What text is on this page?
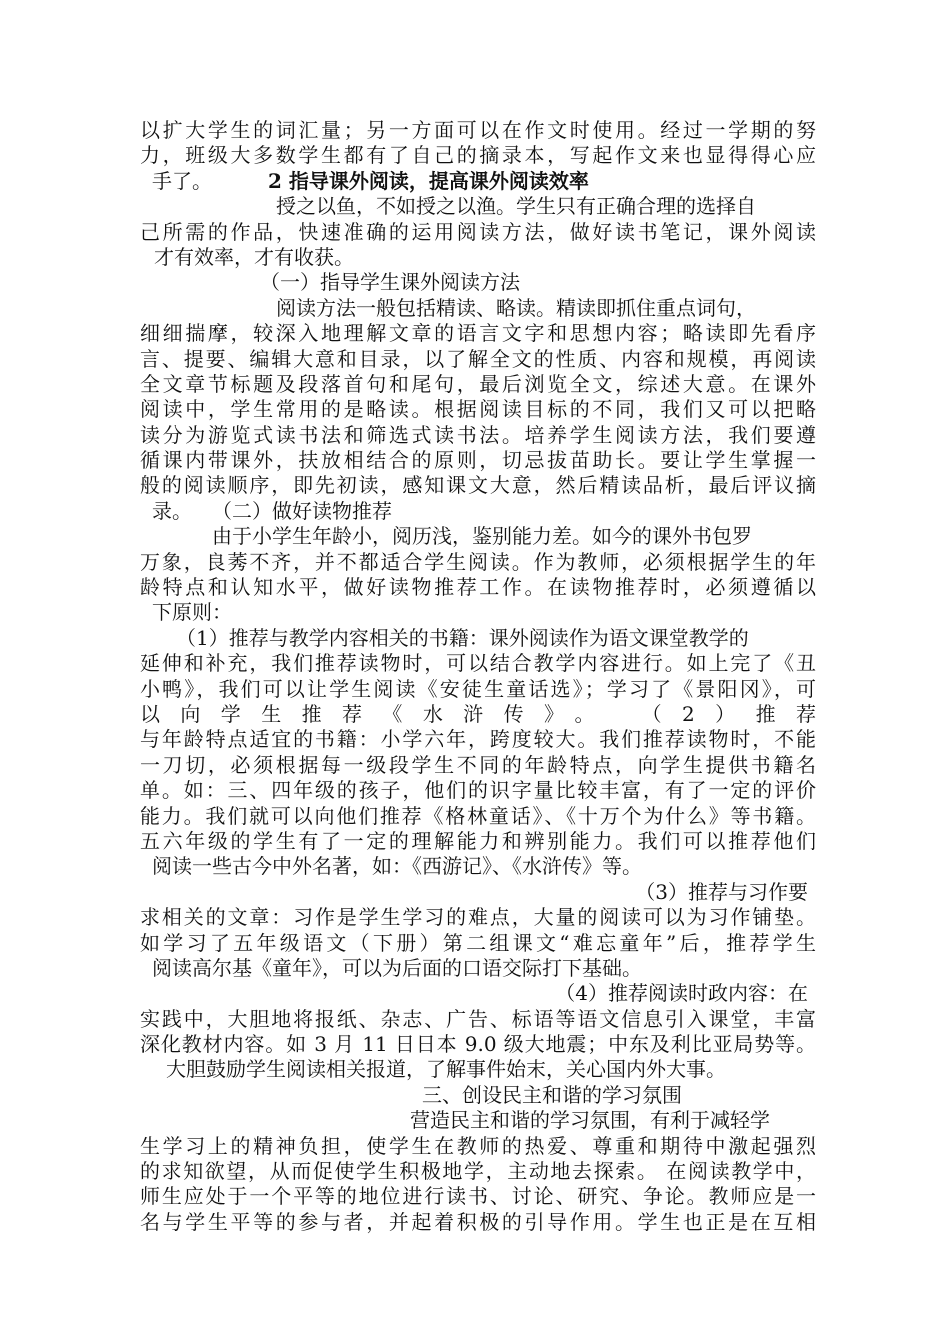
以扩大学生的词汇量；另一方面可以在作文时使用。经过一学期的努
力，班级大多数学生都有了自己的摘录本，写起作文来也显得得心应
手了。	2 指导课外阅读，提高课外阅读效率
授之以鱼，不如授之以渔。学生只有正确合理的选择自
己所需的作品，快速准确的运用阅读方法，做好读书笔记，课外阅读
才有效率，才有收获。
（一）指导学生课外阅读方法
阅读方法一般包括精读、略读。精读即抓住重点词句，
细细揣摩，较深入地理解文章的语言文字和思想内容；略读即先看序
言、提要、编辑大意和目录，以了解全文的性质、内容和规模，再阅读
全文章节标题及段落首句和尾句，最后浏览全文，综述大意。在课外
阅读中，学生常用的是略读。根据阅读目标的不同，我们又可以把略
读分为游览式读书法和筛选式读书法。培养学生阅读方法，我们要遵
循课内带课外，扶放相结合的原则，切忌拔苗助长。要让学生掌握一
般的阅读顺序，即先初读，感知课文大意，然后精读品析，最后评议摘
录。 （二）做好读物推荐
由于小学生年龄小，阅历浅，鉴别能力差。如今的课外书包罗
万象，良莠不齐，并不都适合学生阅读。作为教师，必须根据学生的年
龄特点和认知水平，做好读物推荐工作。在读物推荐时，必须遵循以
下原则：
（1）推荐与教学内容相关的书籍：课外阅读作为语文课堂教学的
延伸和补充，我们推荐读物时，可以结合教学内容进行。如上完了《丑
小鸭》，我们可以让学生阅读《安徒生童话选》；学习了《景阳冈》，可
以向学生推荐《水浒传》。 （2）推荐
与年龄特点适宜的书籍：小学六年，跨度较大。我们推荐读物时，不能
一刀切，必须根据每一级段学生不同的年龄特点，向学生提供书籍名
单。如：三、四年级的孩子，他们的识字量比较丰富，有了一定的评价
能力。我们就可以向他们推荐《格林童话》、《十万个为什么》等书籍。
五六年级的学生有了一定的理解能力和辨别能力。我们可以推荐他们
阅读一些古今中外名著，如：《西游记》、《水浒传》等。
（3）推荐与习作要
求相关的文章：习作是学生学习的难点，大量的阅读可以为习作铺垫。
如学习了五年级语文（下册）第二组课文“难忘童年”后，推荐学生
阅读高尔基《童年》，可以为后面的口语交际打下基础。
（4）推荐阅读时政内容：在
实践中，大胆地将报纸、杂志、广告、标语等语文信息引入课堂，丰富
深化教材内容。如 3 月 11 日日本 9.0 级大地震；中东及利比亚局势等。
大胆鼓励学生阅读相关报道，了解事件始末，关心国内外大事。
三、创设民主和谐的学习氛围
营造民主和谐的学习氛围，有利于减轻学
生学习上的精神负担，使学生在教师的热爱、尊重和期待中激起强烈
的求知欲望，从而促使学生积极地学，主动地去探索。 在阅读教学中，
师生应处于一个平等的地位进行读书、讨论、研究、争论。教师应是一
名与学生平等的参与者，并起着积极的引导作用。学生也正是在互相
